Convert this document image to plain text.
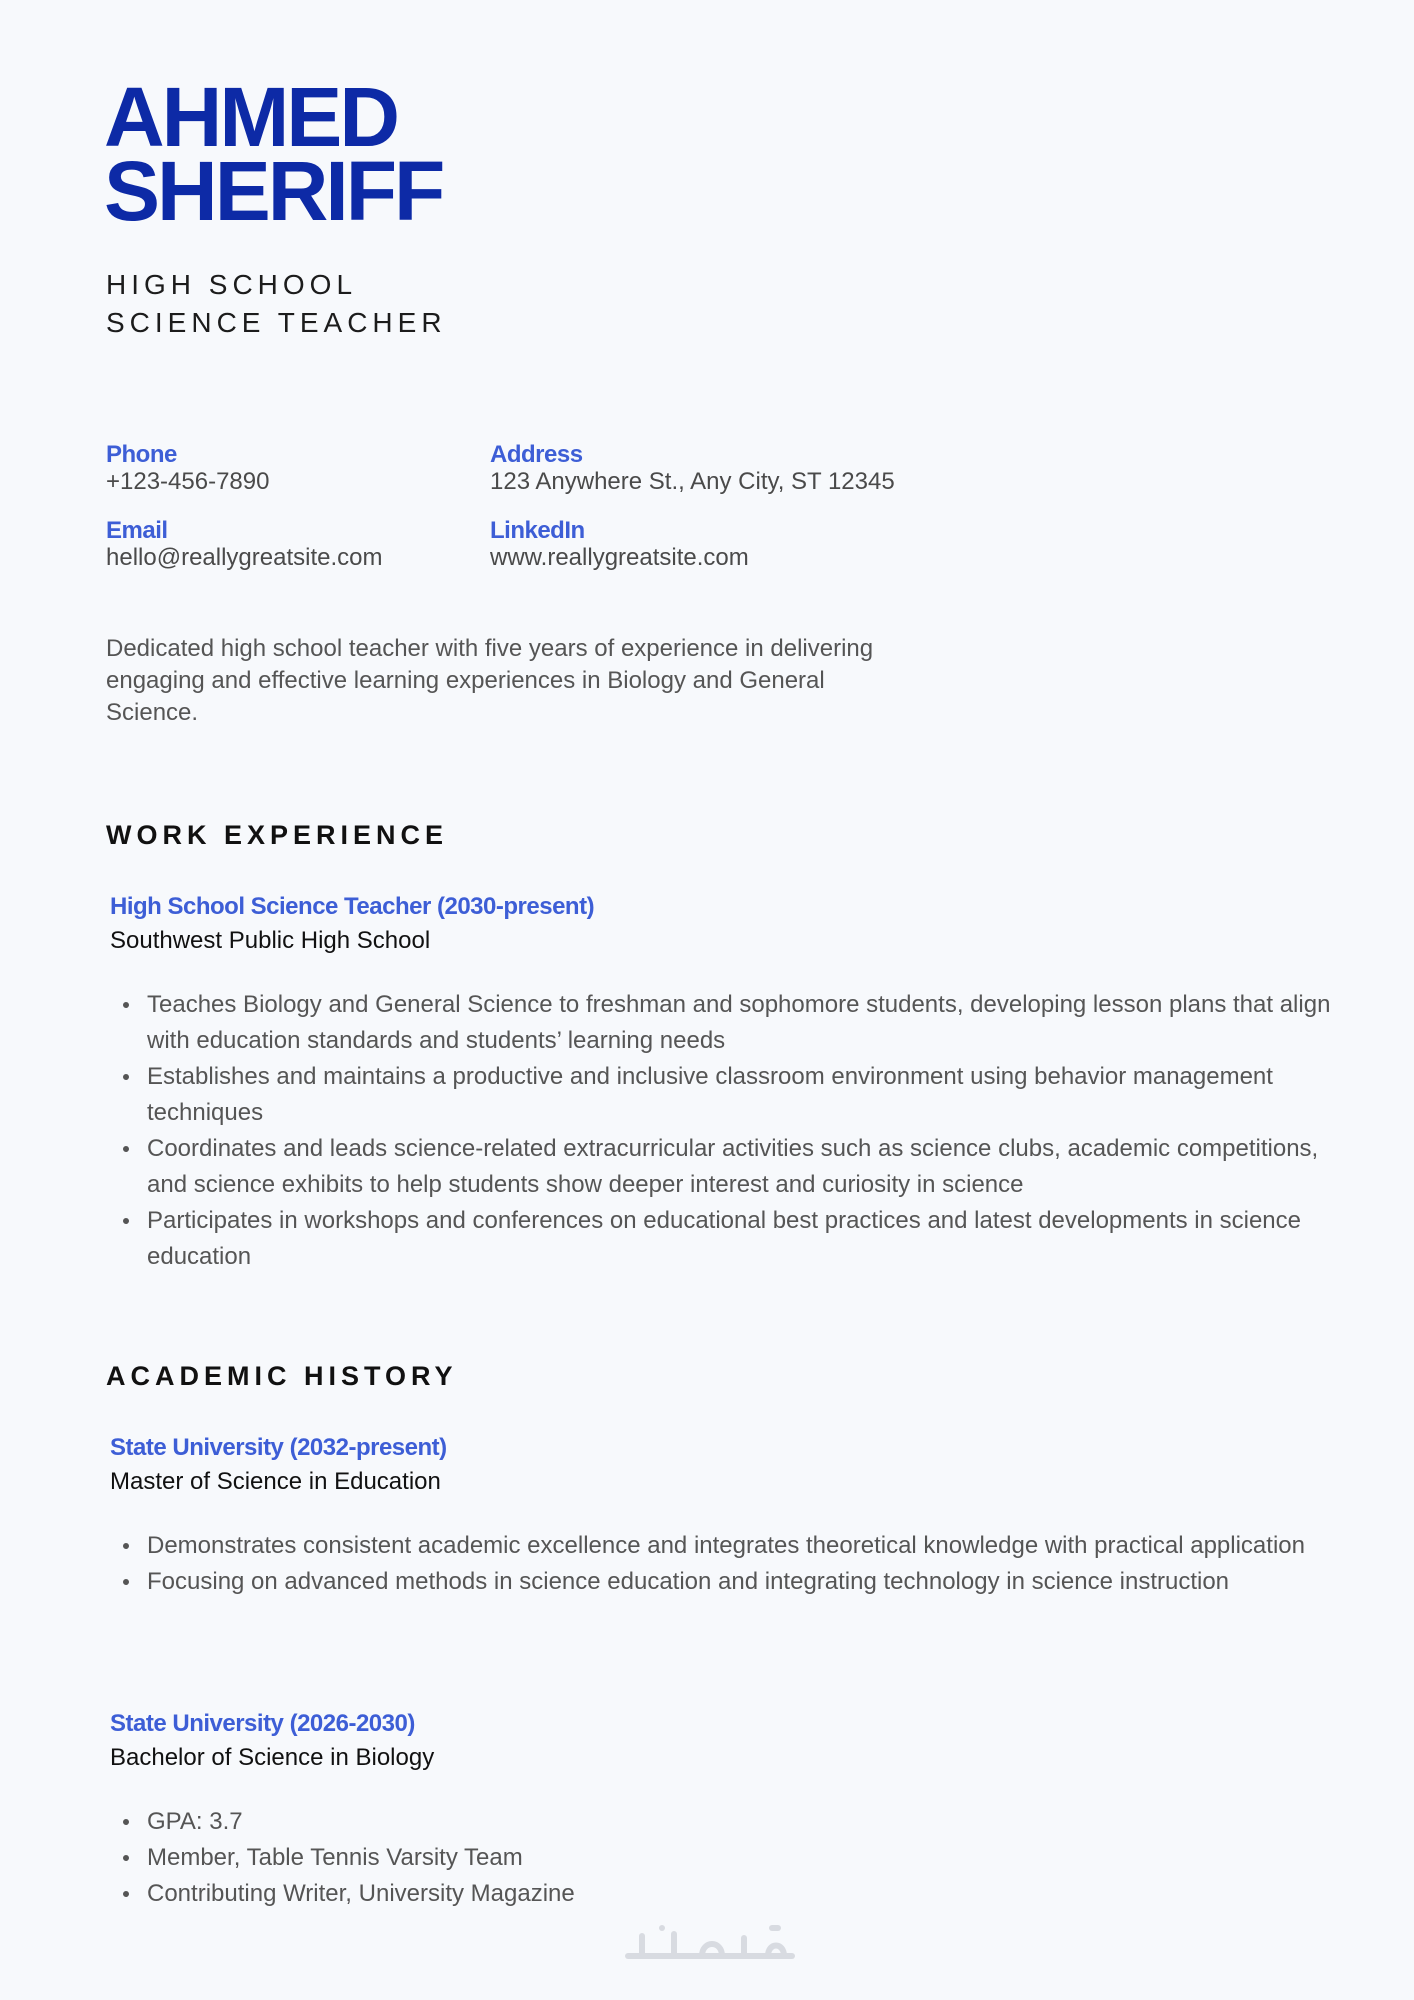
AHMED
SHERIFF
HIGH SCHOOL
SCIENCE TEACHER
Phone
+123-456-7890
Address
123 Anywhere St., Any City, ST 12345
Email
hello@reallygreatsite.com
LinkedIn
www.reallygreatsite.com
Dedicated high school teacher with five years of experience in delivering engaging and effective learning experiences in Biology and General Science.
WORK EXPERIENCE
High School Science Teacher (2030-present)
Southwest Public High School
Teaches Biology and General Science to freshman and sophomore students, developing lesson plans that align with education standards and students’ learning needs
Establishes and maintains a productive and inclusive classroom environment using behavior management techniques
Coordinates and leads science-related extracurricular activities such as science clubs, academic competitions, and science exhibits to help students show deeper interest and curiosity in science
Participates in workshops and conferences on educational best practices and latest developments in science education
ACADEMIC HISTORY
State University (2032-present)
Master of Science in Education
Demonstrates consistent academic excellence and integrates theoretical knowledge with practical application
Focusing on advanced methods in science education and integrating technology in science instruction
State University (2026-2030)
Bachelor of Science in Biology
GPA: 3.7
Member, Table Tennis Varsity Team
Contributing Writer, University Magazine
